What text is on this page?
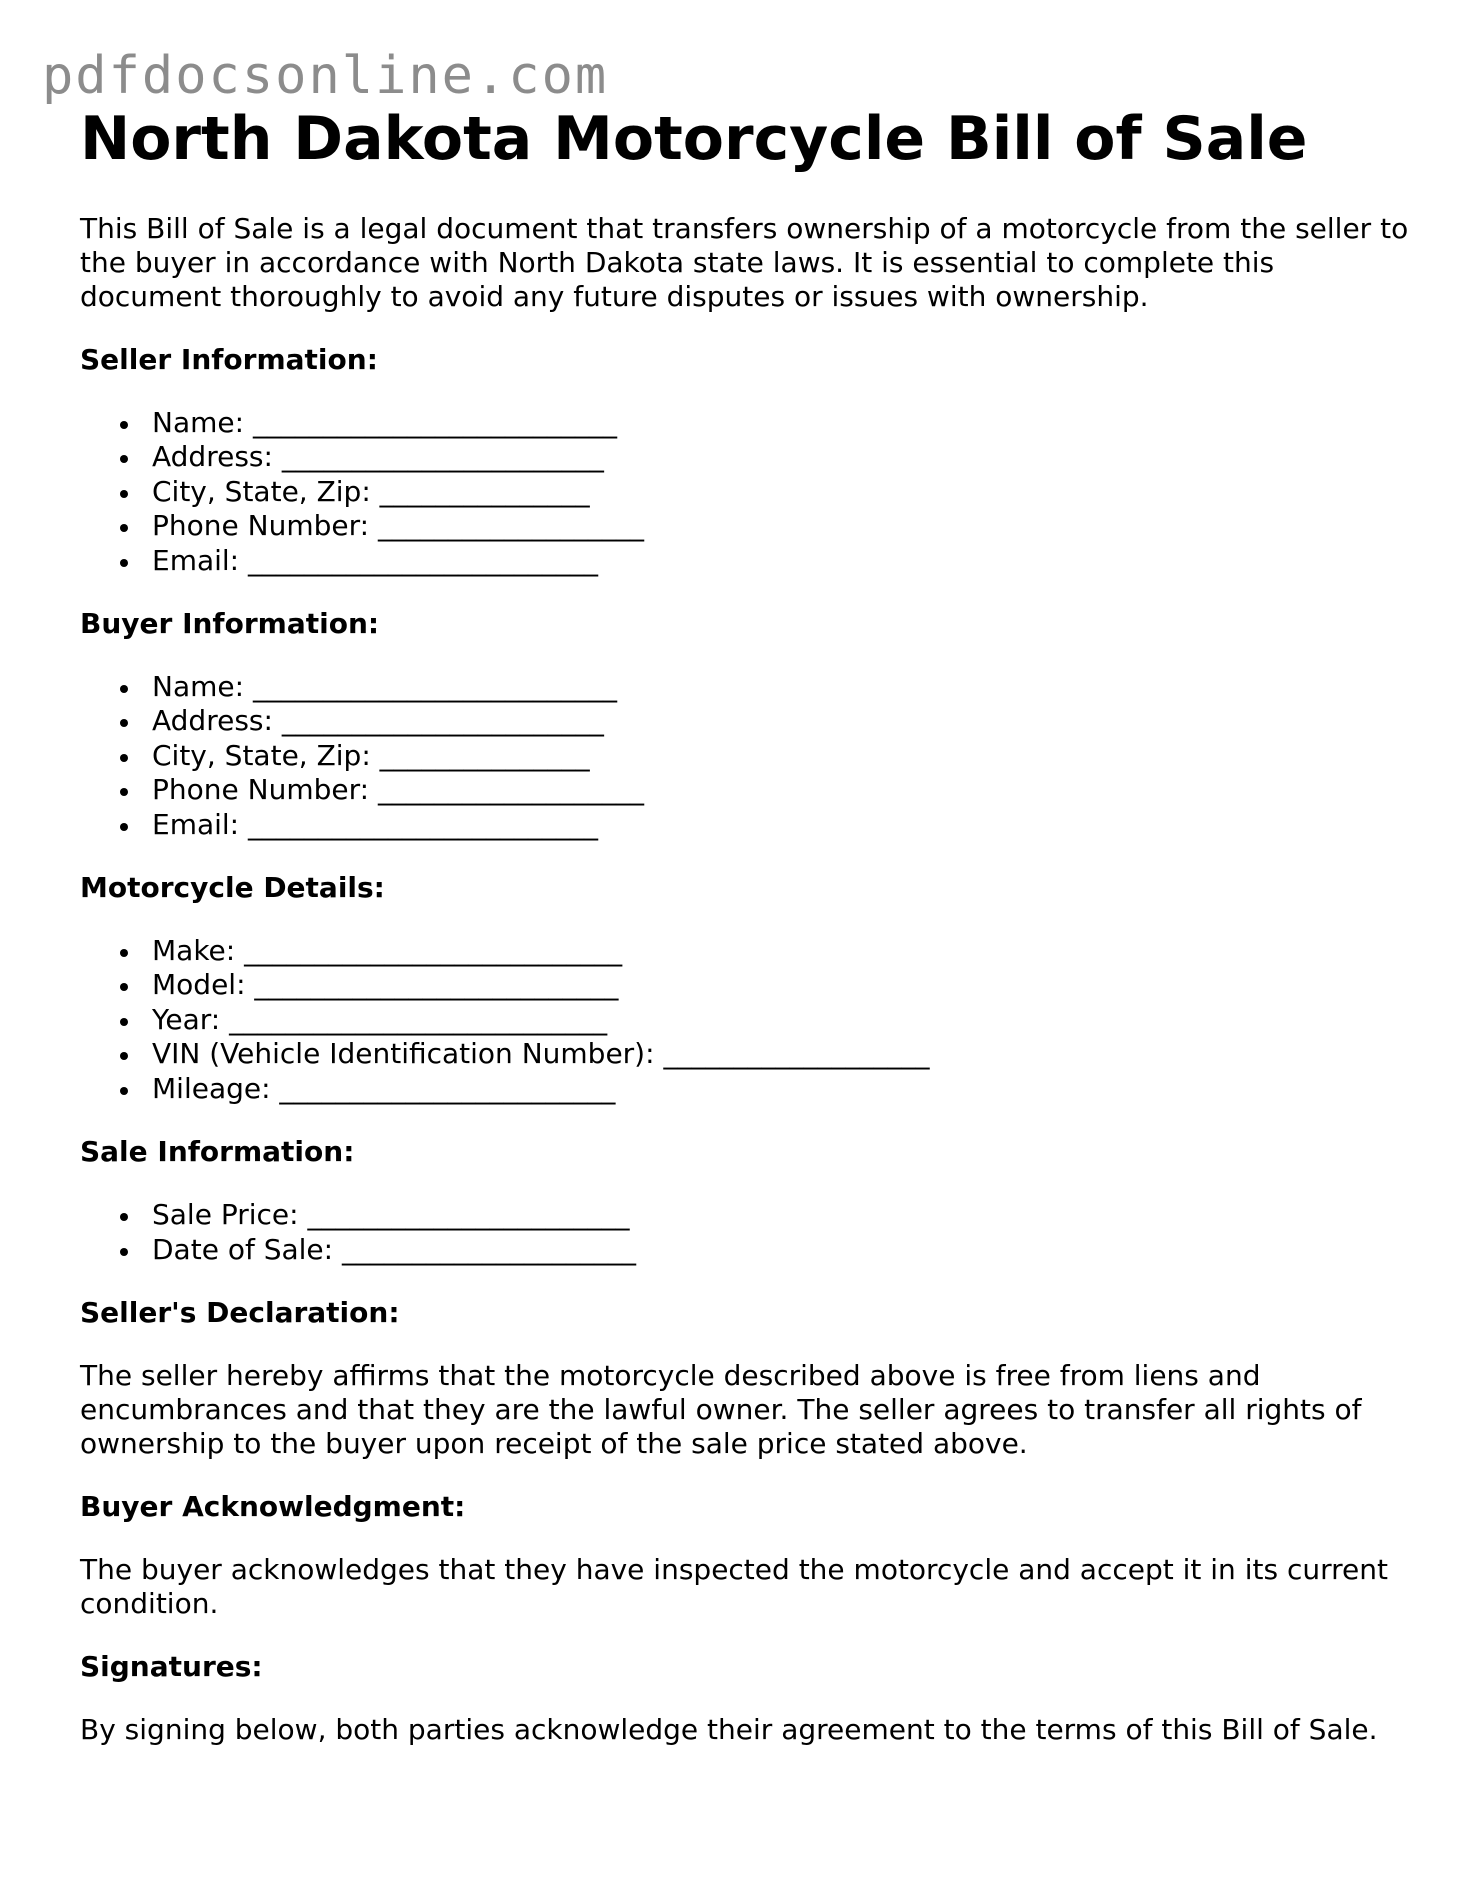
pdfdocsonline.com
North Dakota Motorcycle Bill of Sale

This Bill of Sale is a legal document that transfers ownership of a motorcycle from the seller to the buyer in accordance with North Dakota state laws. It is essential to complete this document thoroughly to avoid any future disputes or issues with ownership.

Seller Information:
Name: __________________________
Address: _______________________
City, State, Zip: _______________
Phone Number: ___________________
Email: _________________________
Buyer Information:
Name: __________________________
Address: _______________________
City, State, Zip: _______________
Phone Number: ___________________
Email: _________________________
Motorcycle Details:
Make: ___________________________
Model: __________________________
Year: ___________________________
VIN (Vehicle Identification Number): ___________________
Mileage: ________________________
Sale Information:
Sale Price: _______________________
Date of Sale: _____________________
Seller's Declaration:

The seller hereby affirms that the motorcycle described above is free from liens and encumbrances and that they are the lawful owner. The seller agrees to transfer all rights of ownership to the buyer upon receipt of the sale price stated above.

Buyer Acknowledgment:

The buyer acknowledges that they have inspected the motorcycle and accept it in its current condition.

Signatures:

By signing below, both parties acknowledge their agreement to the terms of this Bill of Sale.
